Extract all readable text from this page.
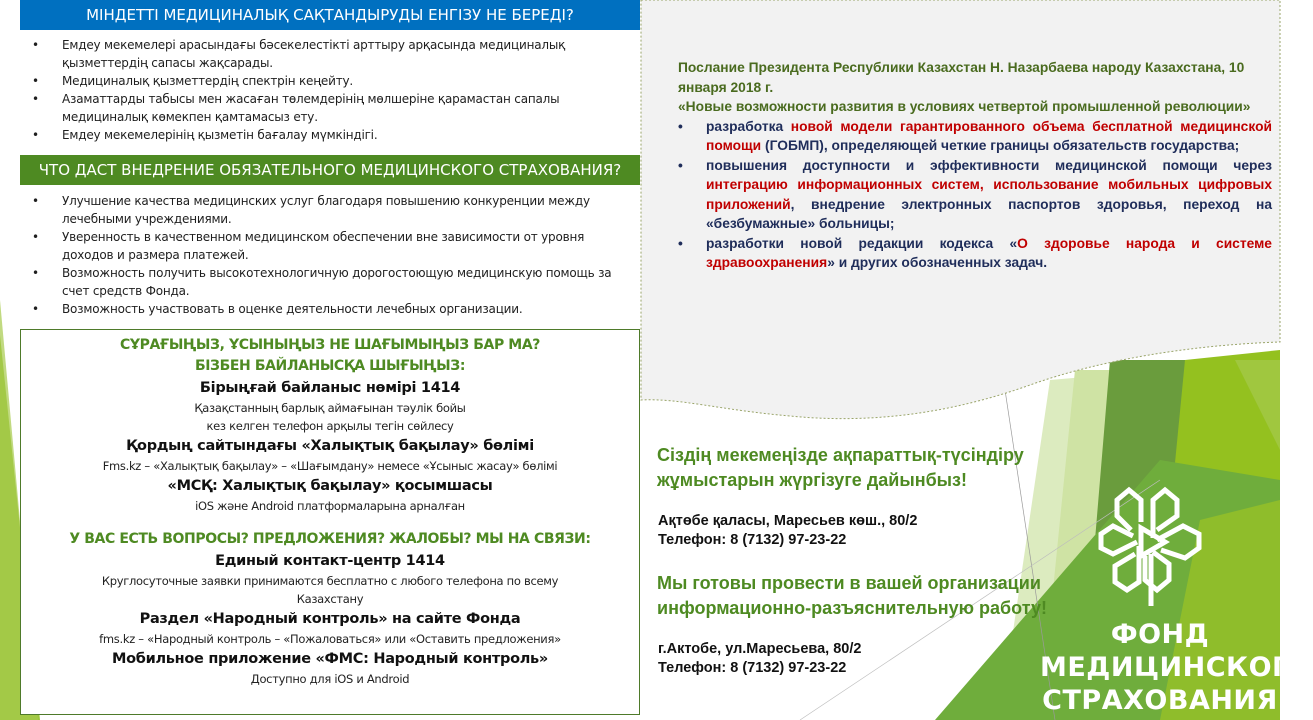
МІНДЕТТІ МЕДИЦИНАЛЫҚ САҚТАНДЫРУДЫ ЕНГІЗУ НЕ БЕРЕДІ?
• Емдеу мекемелері арасындағы бәсекелестікті арттыру арқасында медициналық қызметтердің сапасы жақсарады.
• Медициналық қызметтердің спектрін кеңейту.
• Азаматтарды табысы мен жасаған төлемдерінің мөлшеріне қарамастан сапалы медициналық көмекпен қамтамасыз ету.
• Емдеу мекемелерінің қызметін бағалау мүмкіндігі.
ЧТО ДАСТ ВНЕДРЕНИЕ ОБЯЗАТЕЛЬНОГО МЕДИЦИНСКОГО СТРАХОВАНИЯ?
• Улучшение качества медицинских услуг благодаря повышению конкуренции между лечебными учреждениями.
• Уверенность в качественном медицинском обеспечении вне зависимости от уровня доходов и размера платежей.
• Возможность получить высокотехнологичную дорогостоющую медицинскую помощь за счет средств Фонда.
• Возможность участвовать в оценке деятельности лечебных организации.
СҰРАҒЫҢЫЗ, ҰСЫНЫҢЫЗ НЕ ШАҒЫМЫҢЫЗ БАР МА?
БІЗБЕН БАЙЛАНЫСҚА ШЫҒЫҢЫЗ:
Бірыңғай байланыс нөмірі 1414
Қазақстанның барлық аймағынан тәулік бойы
кез келген телефон арқылы тегін сөйлесу
Қордың сайтындағы «Халықтық бақылау» бөлімі
Fms.kz – «Халықтық бақылау» – «Шағымдану» немесе «Ұсыныс жасау» бөлімі
«МСҚ: Халықтық бақылау» қосымшасы
iOS және Android платформаларына арналған
У ВАС ЕСТЬ ВОПРОСЫ? ПРЕДЛОЖЕНИЯ? ЖАЛОБЫ? МЫ НА СВЯЗИ:
Единый контакт-центр 1414
Круглосуточные заявки принимаются бесплатно с любого телефона по всему
Казахстану
Раздел «Народный контроль» на сайте Фонда
fms.kz – «Народный контроль – «Пожаловаться» или «Оставить предложения»
Мобильное приложение «ФМС: Народный контроль»
Доступно для iOS и Android
Послание Президента Республики Казахстан Н. Назарбаева народу Казахстана, 10 января 2018 г.
«Новые возможности развития в условиях четвертой промышленной революции»
• разработка новой модели гарантированного объема бесплатной медицинской помощи (ГОБМП), определяющей четкие границы обязательств государства;
• повышения доступности и эффективности медицинской помощи через интеграцию информационных систем, использование мобильных цифровых приложений, внедрение электронных паспортов здоровья, переход на «безбумажные» больницы;
• разработки новой редакции кодекса «О здоровье народа и системе здравоохранения» и других обозначенных задач.
Сіздің мекемеңізде ақпараттық-түсіндіру
жұмыстарын жүргізуге дайынбыз!
Ақтөбе қаласы, Маресьев көш., 80/2
Телефон: 8 (7132) 97-23-22
Мы готовы провести в вашей организации
информационно-разъяснительную работу!
г.Актобе, ул.Маресьева, 80/2
Телефон: 8 (7132) 97-23-22
ФОНД
МЕДИЦИНСКОГО
СТРАХОВАНИЯ
